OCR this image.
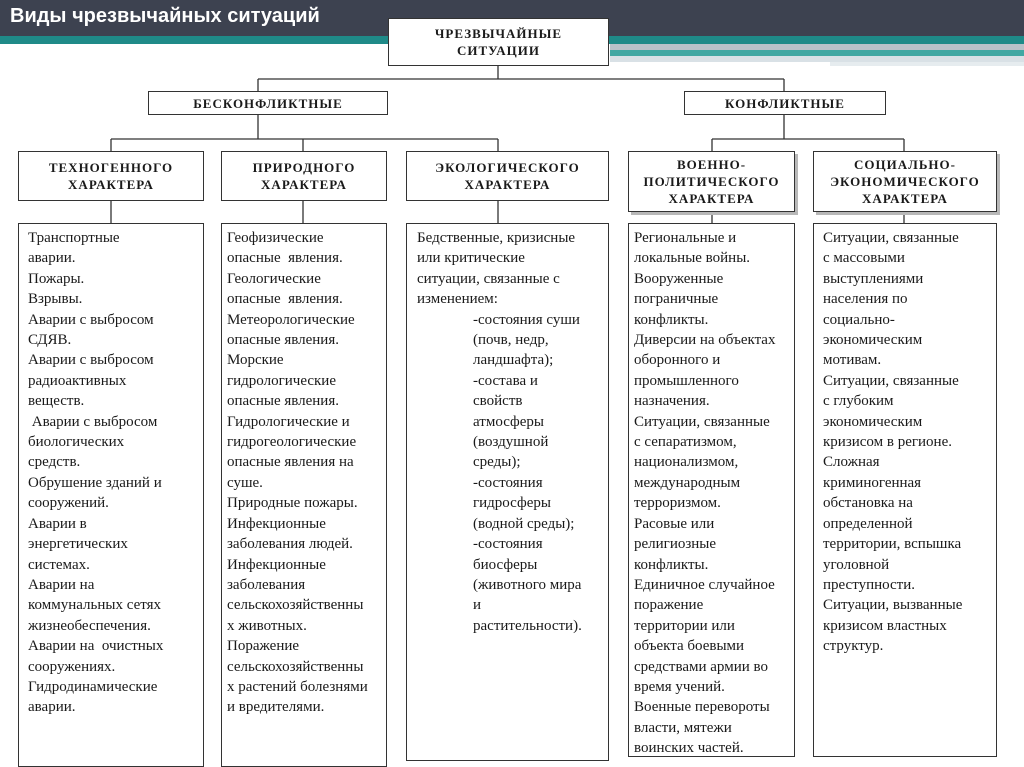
Виды чрезвычайных ситуаций
ЧРЕЗВЫЧАЙНЫЕ
СИТУАЦИИ
БЕСКОНФЛИКТНЫЕ	КОНФЛИКТНЫЕ
ТЕХНОГЕННОГО
ХАРАКТЕРА
ПРИРОДНОГО
ХАРАКТЕРА
ЭКОЛОГИЧЕСКОГО
ХАРАКТЕРА
ВОЕННО-
ПОЛИТИЧЕСКОГО
ХАРАКТЕРА
СОЦИАЛЬНО-
ЭКОНОМИЧЕСКОГО
ХАРАКТЕРА
Транспортные
аварии.
Пожары.
Взрывы.
Аварии с выбросом
СДЯВ.
Аварии с выбросом
радиоактивных
веществ.
Аварии с выбросом
биологических
средств.
Обрушение зданий и
сооружений.
Аварии в
энергетических
системах.
Аварии на
коммунальных сетях
жизнеобеспечения.
Аварии на  очистных
сооружениях.
Гидродинамические
аварии.
Геофизические
опасные  явления.
Геологические
опасные  явления.
Метеорологические
опасные явления.
Морские
гидрологические
опасные явления.
Гидрологические и
гидрогеологические
опасные явления на
суше.
Природные пожары.
Инфекционные
заболевания людей.
Инфекционные
заболевания
сельскохозяйственны
х животных.
Поражение
сельскохозяйственны
х растений болезнями
и вредителями.
Бедственные, кризисные
или критические
ситуации, связанные с
изменением:
-состояния суши
(почв, недр,
ландшафта);
-состава и
свойств
атмосферы
(воздушной
среды);
-состояния
гидросферы
(водной среды);
-состояния
биосферы
(животного мира
и
растительности).
Региональные и
локальные войны.
Вооруженные
пограничные
конфликты.
Диверсии на объектах
оборонного и
промышленного
назначения.
Ситуации, связанные
с сепаратизмом,
национализмом,
международным
терроризмом.
Расовые или
религиозные
конфликты.
Единичное случайное
поражение
территории или
объекта боевыми
средствами армии во
время учений.
Военные перевороты
власти, мятежи
воинских частей.
Ситуации, связанные
с массовыми
выступлениями
населения по
социально-
экономическим
мотивам.
Ситуации, связанные
с глубоким
экономическим
кризисом в регионе.
Сложная
криминогенная
обстановка на
определенной
территории, вспышка
уголовной
преступности.
Ситуации, вызванные
кризисом властных
структур.
